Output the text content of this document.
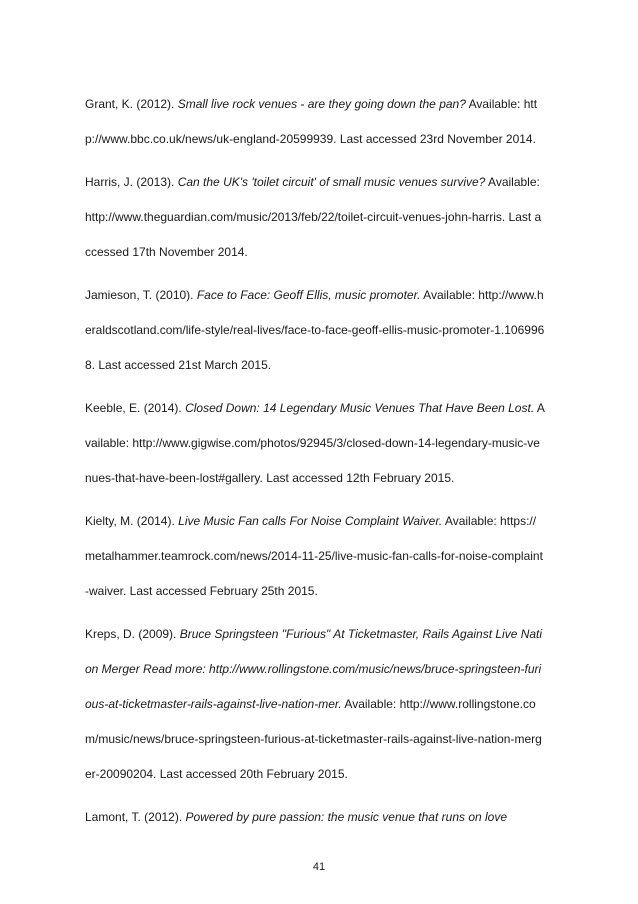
Grant, K. (2012). Small live rock venues - are they going down the pan? Available: http://www.bbc.co.uk/news/uk-england-20599939. Last accessed 23rd November 2014.

Harris, J. (2013). Can the UK's 'toilet circuit' of small music venues survive? Available: http://www.theguardian.com/music/2013/feb/22/toilet-circuit-venues-john-harris. Last accessed 17th November 2014.

Jamieson, T. (2010). Face to Face: Geoff Ellis, music promoter. Available: http://www.heraldscotland.com/life-style/real-lives/face-to-face-geoff-ellis-music-promoter-1.1069968. Last accessed 21st March 2015.

Keeble, E. (2014). Closed Down: 14 Legendary Music Venues That Have Been Lost. Available: http://www.gigwise.com/photos/92945/3/closed-down-14-legendary-music-venues-that-have-been-lost#gallery. Last accessed 12th February 2015.

Kielty, M. (2014). Live Music Fan calls For Noise Complaint Waiver. Available: https://metalhammer.teamrock.com/news/2014-11-25/live-music-fan-calls-for-noise-complaint-waiver. Last accessed February 25th 2015.

Kreps, D. (2009). Bruce Springsteen "Furious" At Ticketmaster, Rails Against Live Nation Merger Read more: http://www.rollingstone.com/music/news/bruce-springsteen-furious-at-ticketmaster-rails-against-live-nation-mer. Available: http://www.rollingstone.com/music/news/bruce-springsteen-furious-at-ticketmaster-rails-against-live-nation-merger-20090204. Last accessed 20th February 2015.

Lamont, T. (2012). Powered by pure passion: the music venue that runs on love

41
